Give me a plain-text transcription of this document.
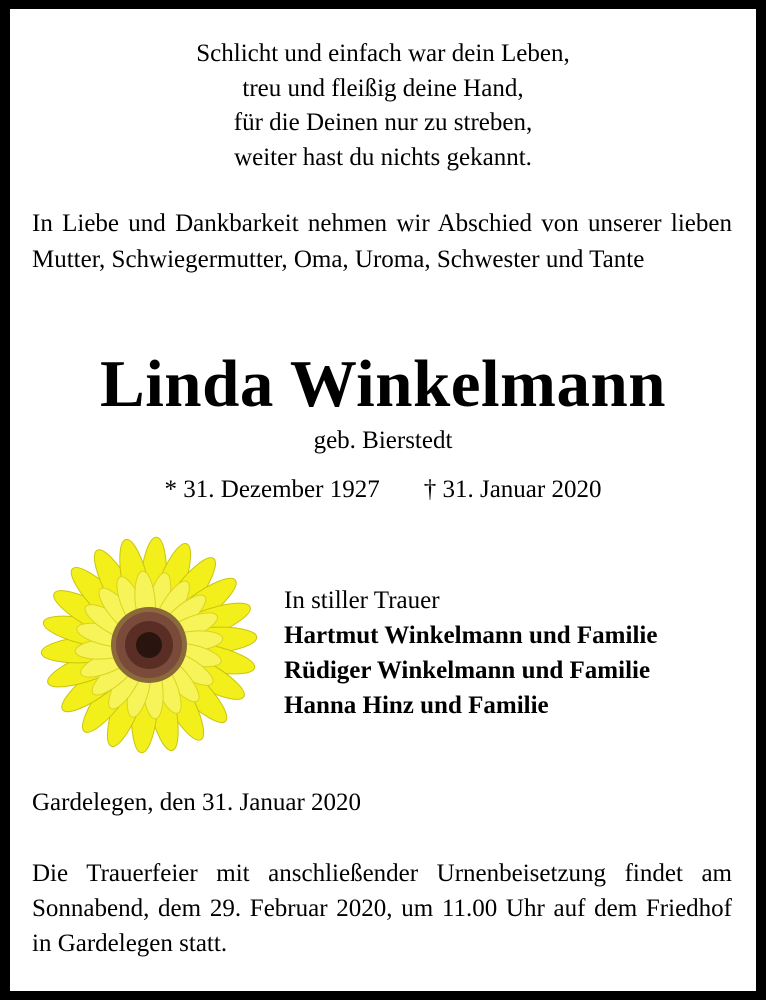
Schlicht und einfach war dein Leben,
treu und fleißig deine Hand,
für die Deinen nur zu streben,
weiter hast du nichts gekannt.
In Liebe und Dankbarkeit nehmen wir Abschied von unserer lieben Mutter, Schwiegermutter, Oma, Uroma, Schwester und Tante
Linda Winkelmann
geb. Bierstedt
* 31. Dezember 1927 † 31. Januar 2020
In stiller Trauer
Hartmut Winkelmann und Familie
Rüdiger Winkelmann und Familie
Hanna Hinz und Familie
Gardelegen, den 31. Januar 2020
Die Trauerfeier mit anschließender Urnenbeisetzung findet am Sonnabend, dem 29. Februar 2020, um 11.00 Uhr auf dem Friedhof in Gardelegen statt.
